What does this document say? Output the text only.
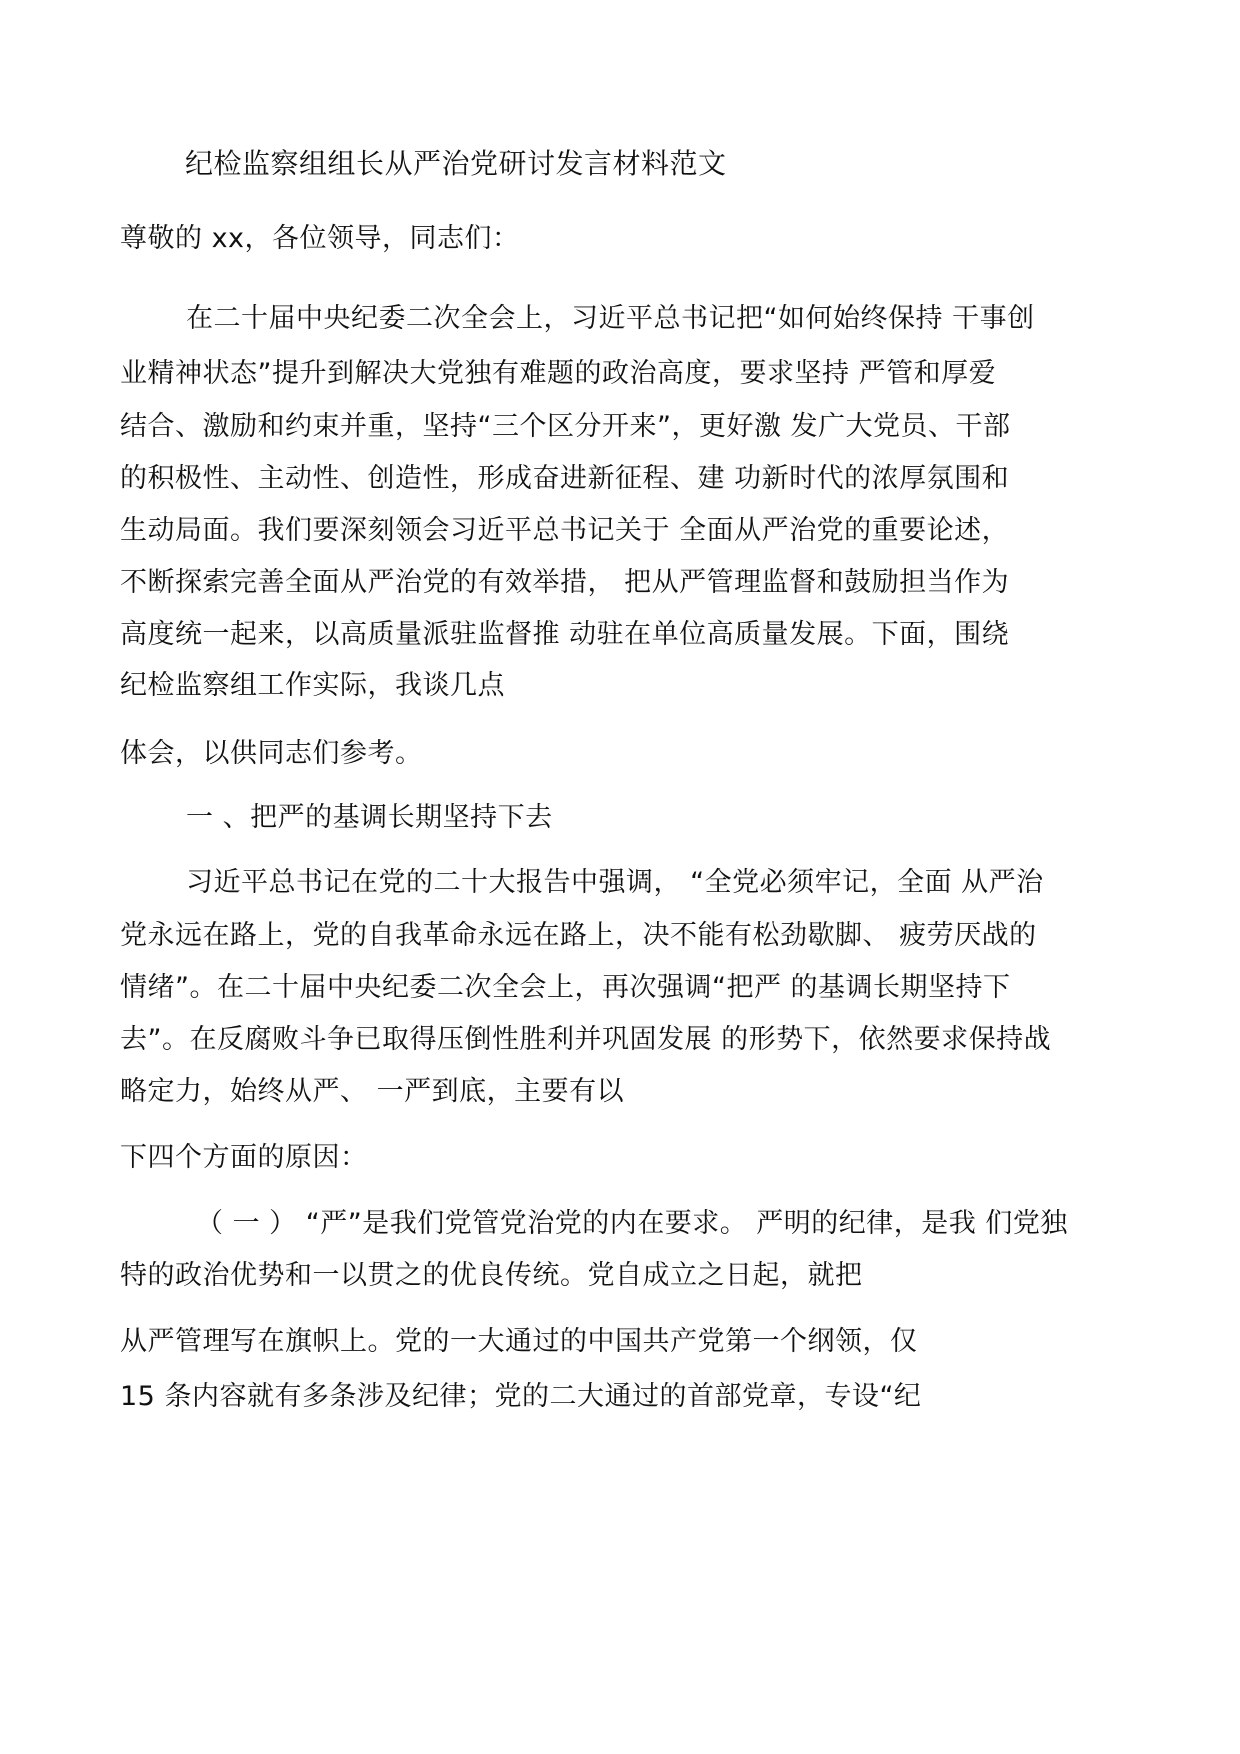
纪检监察组组长从严治党研讨发言材料范文
尊敬的 xx，各位领导，同志们：
在二十届中央纪委二次全会上，习近平总书记把“如何始终保持 干事创
业精神状态”提升到解决大党独有难题的政治高度，要求坚持 严管和厚爱
结合、激励和约束并重，坚持“三个区分开来”，更好激 发广大党员、干部
的积极性、主动性、创造性，形成奋进新征程、建 功新时代的浓厚氛围和
生动局面。我们要深刻领会习近平总书记关于 全面从严治党的重要论述，
不断探索完善全面从严治党的有效举措， 把从严管理监督和鼓励担当作为
高度统一起来，以高质量派驻监督推 动驻在单位高质量发展。下面，围绕
纪检监察组工作实际，我谈几点
体会，以供同志们参考。
一 、把严的基调长期坚持下去
习近平总书记在党的二十大报告中强调， “全党必须牢记，全面 从严治
党永远在路上，党的自我革命永远在路上，决不能有松劲歇脚、 疲劳厌战的
情绪”。在二十届中央纪委二次全会上，再次强调“把严 的基调长期坚持下
去”。在反腐败斗争已取得压倒性胜利并巩固发展 的形势下，依然要求保持战
略定力，始终从严、 一严到底，主要有以
下四个方面的原因：
（ 一 ） “严”是我们党管党治党的内在要求。 严明的纪律，是我 们党独
特的政治优势和一以贯之的优良传统。党自成立之日起，就把
从严管理写在旗帜上。党的一大通过的中国共产党第一个纲领，仅
15 条内容就有多条涉及纪律；党的二大通过的首部党章，专设“纪
